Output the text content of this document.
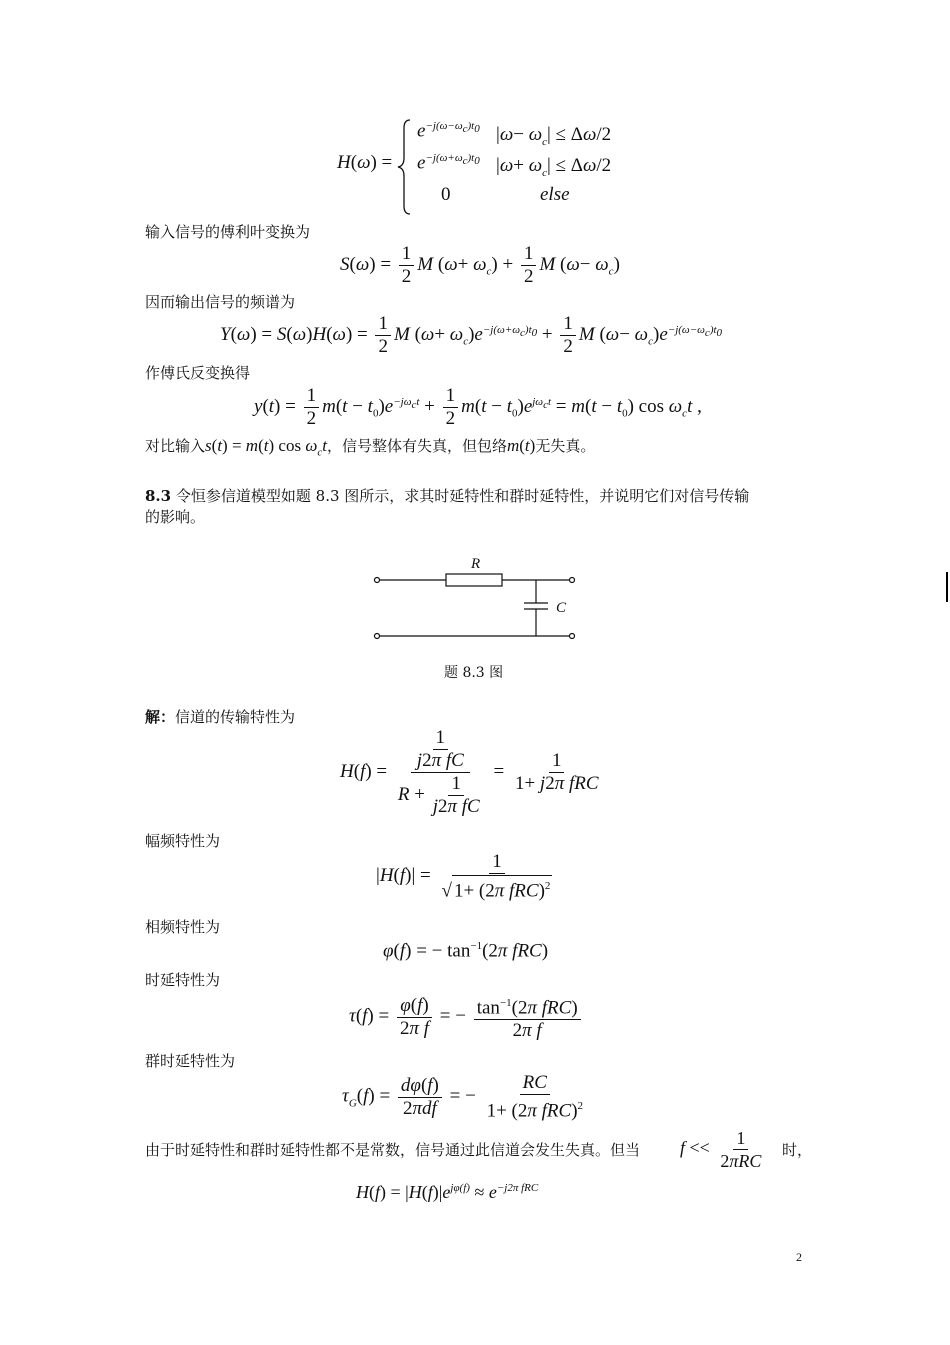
H(ω) =
$e^{-j(\omega-\omega_c)t_0}$ $|\omega- \omega_c| \le \Delta\omega/2$
$e^{-j(\omega+\omega_c)t_0}$ $|\omega+ \omega_c| \le \Delta\omega/2$
0	else
输入信号的傅利叶变换为
$S(\omega) = \frac{1}{2}$ M $(\omega+ \omega_c) + \frac{1}{2}$ M $(\omega- \omega_c)$
因而输出信号的频谱为
$Y(\omega) = S(\omega)H(\omega) = \frac{1}{2}$ M $(\omega+ \omega_c)e^{-j(\omega+\omega_c)t_0} + \frac{1}{2}$ M $(\omega- \omega_c)e^{-j(\omega-\omega_c)t_0}$
作傅氏反变换得
$y(t) = \frac{1}{2} m(t - t_0)e^{-j\omega_ct} + \frac{1}{2} m(t - t_0)e^{j\omega_ct} = m(t - t_0)$ $\cos \omega_ct$ ,
对比输入s(t) = m(t) $\cos \omega_ct$，信号整体有失真，但包络m(t)无失真。
8.3 令恒参信道模型如题 8.3 图所示，求其时延特性和群时延特性，并说明它们对信号传输
的影响。
R
C
题 8.3 图
解：信道的传输特性为
$H(f) = \frac{\frac{1}{\text{j2π fC}}}{R + \frac{1}{\text{j2π fC}}} = \frac{1}{\text{1+ j2π fRC}}$
幅频特性为
$|H(f)| = \frac{1}{√ 1+ (2\pi fRC)^2}$
相频特性为
φ(f) = − $\tan^{-1}(2\pi$ fRC)
时延特性为
$\tau(f) = \frac{\varphi(f)}{\text{2π f}}$ = − $\frac{\tan^{-1}(2\pi fRC)}{\text{2π f}}$
群时延特性为
$\tau_G(f) = \frac{d\varphi(f)}{\text{2πdf}}$ = − $\frac{RC}{1+ (2\pi fRC)^2}$
由于时延特性和群时延特性都不是常数，信号通过此信道会发生失真。但当 $f << \frac{1}{\text{2πRC}}$ 时，
$H(f) = |H(f)|e^{j\varphi(f)} \approx e^{-j2\pi fRC}$
2
